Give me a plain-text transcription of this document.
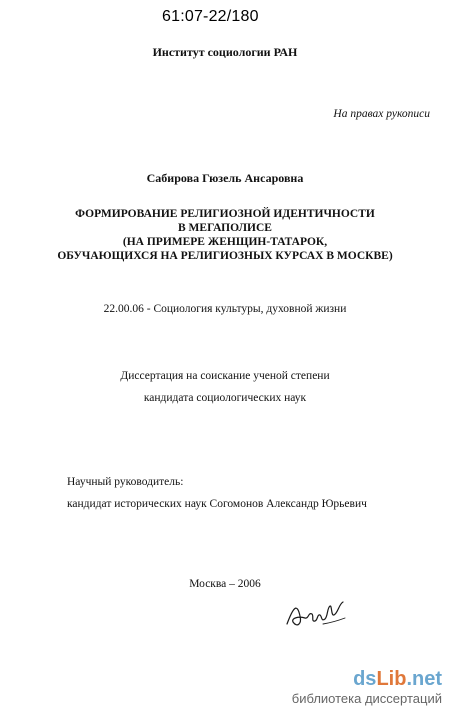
61:07-22/180
Институт социологии РАН
На правах рукописи
Сабирова Гюзель Ансаровна
ФОРМИРОВАНИЕ РЕЛИГИОЗНОЙ ИДЕНТИЧНОСТИ
В МЕГАПОЛИСЕ
(НА ПРИМЕРЕ ЖЕНЩИН-ТАТАРОК,
ОБУЧАЮЩИХСЯ НА РЕЛИГИОЗНЫХ КУРСАХ В МОСКВЕ)
22.00.06 - Социология культуры, духовной жизни
Диссертация на соискание ученой степени
кандидата социологических наук
Научный руководитель:
кандидат исторических наук Согомонов Александр Юрьевич
Москва – 2006
dsLib.net
библиотека диссертаций
